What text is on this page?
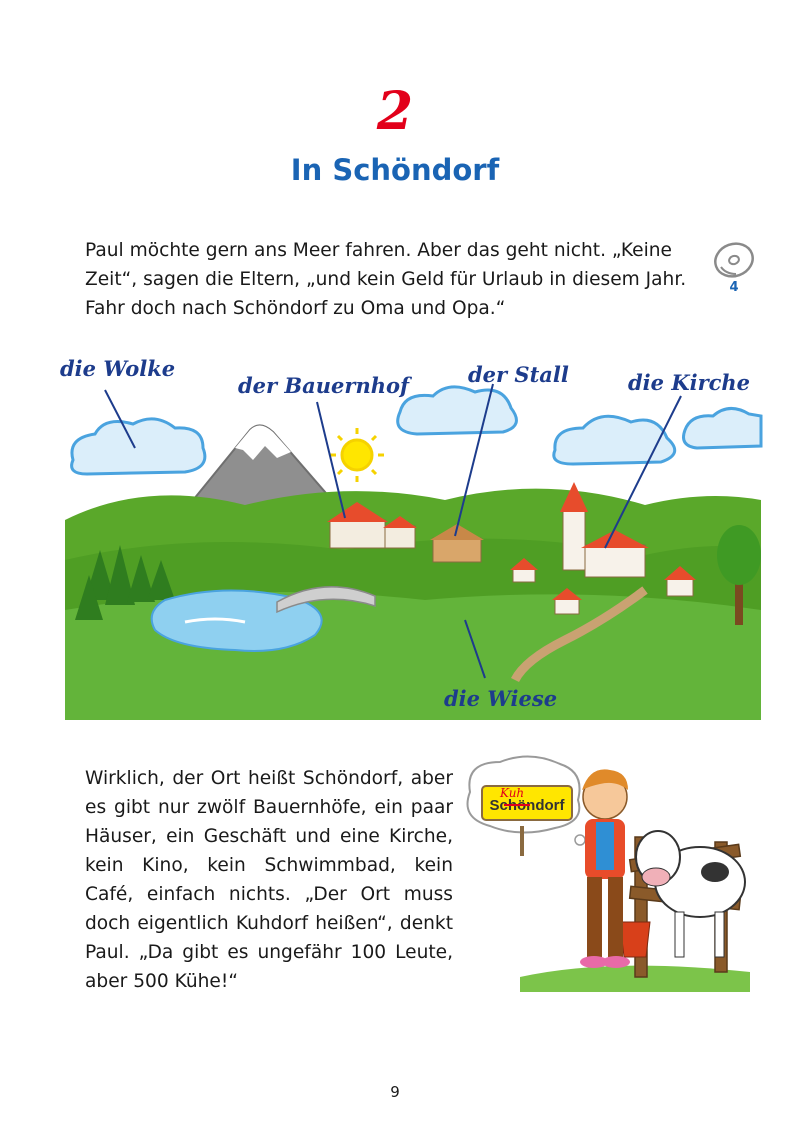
2
In Schöndorf

Paul möchte gern ans Meer fahren. Aber das geht nicht. „Keine Zeit“, sagen die Eltern, „und kein Geld für Urlaub in diesem Jahr. Fahr doch nach Schöndorf zu Oma und Opa.“

4
die Wolke
der Bauernhof	der Stall	die Kirche
die Wiese

Wirklich, der Ort heißt Schöndorf, aber es gibt nur zwölf Bauernhöfe, ein paar Häuser, ein Geschäft und eine Kirche, kein Kino, kein Schwimmbad, kein Café, einfach nichts. „Der Ort muss doch eigentlich Kuhdorf heißen“, denkt Paul. „Da gibt es ungefähr 100 Leute, aber 500 Kühe!“

Schöndorf
Kuh
9
